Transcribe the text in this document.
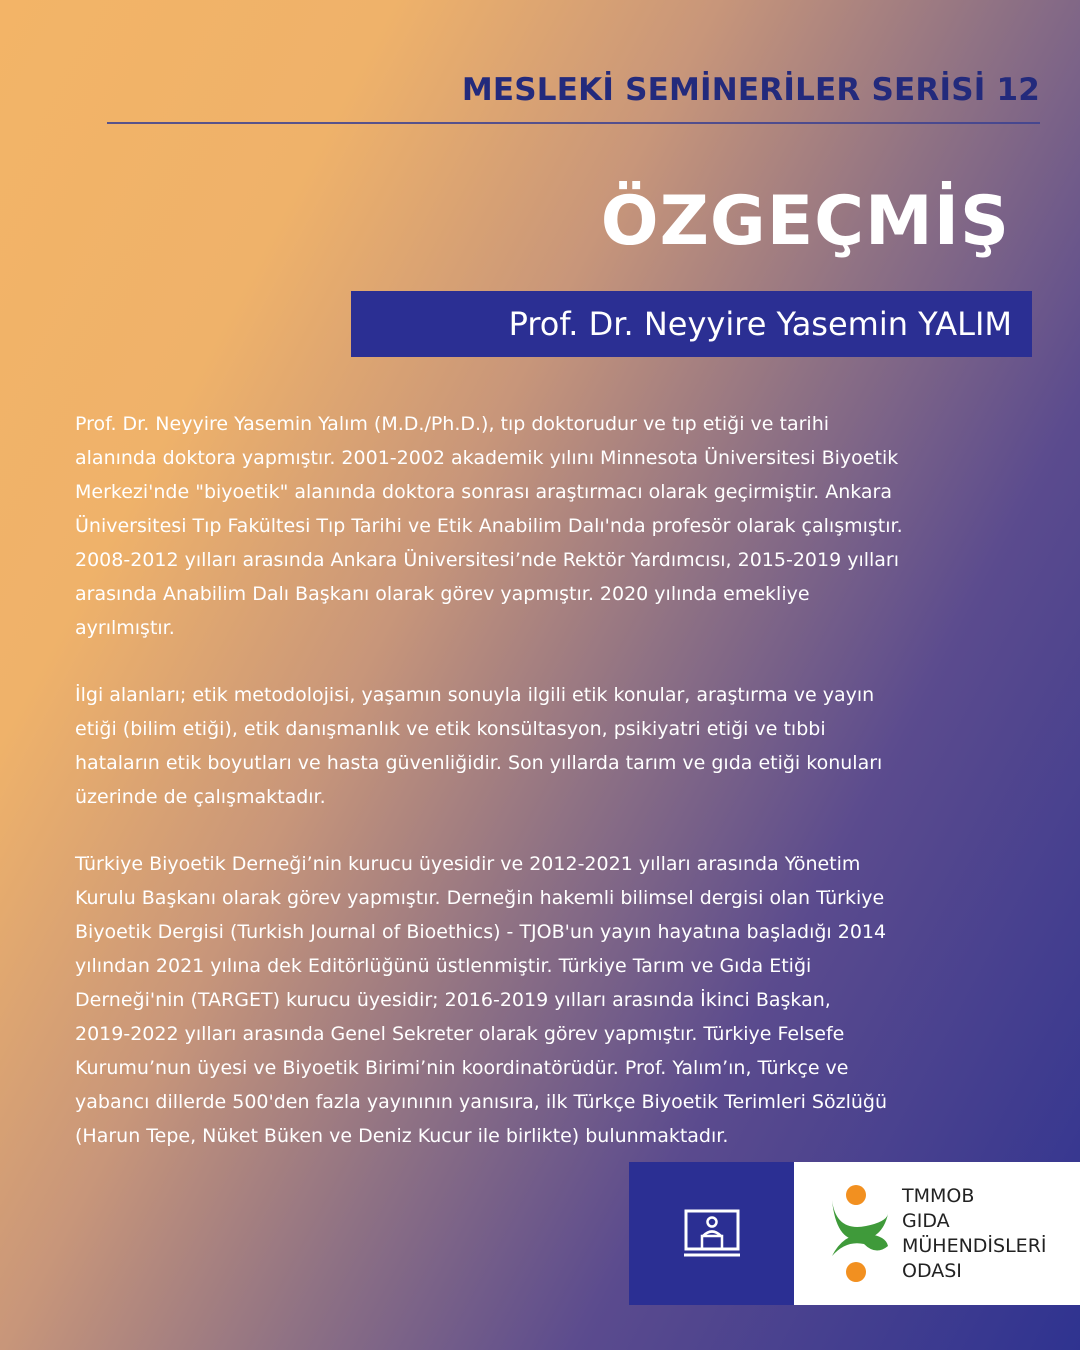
MESLEKİ SEMİNERİLER SERİSİ 12
ÖZGEÇMİŞ
Prof. Dr. Neyyire Yasemin YALIM

Prof. Dr. Neyyire Yasemin Yalım (M.D./Ph.D.), tıp doktorudur ve tıp etiği ve tarihi
alanında doktora yapmıştır. 2001-2002 akademik yılını Minnesota Üniversitesi Biyoetik
Merkezi'nde "biyoetik" alanında doktora sonrası araştırmacı olarak geçirmiştir. Ankara
Üniversitesi Tıp Fakültesi Tıp Tarihi ve Etik Anabilim Dalı'nda profesör olarak çalışmıştır.
2008-2012 yılları arasında Ankara Üniversitesi’nde Rektör Yardımcısı, 2015-2019 yılları
arasında Anabilim Dalı Başkanı olarak görev yapmıştır. 2020 yılında emekliye
ayrılmıştır.

İlgi alanları; etik metodolojisi, yaşamın sonuyla ilgili etik konular, araştırma ve yayın
etiği (bilim etiği), etik danışmanlık ve etik konsültasyon, psikiyatri etiği ve tıbbi
hataların etik boyutları ve hasta güvenliğidir. Son yıllarda tarım ve gıda etiği konuları
üzerinde de çalışmaktadır.

Türkiye Biyoetik Derneği’nin kurucu üyesidir ve 2012-2021 yılları arasında Yönetim
Kurulu Başkanı olarak görev yapmıştır. Derneğin hakemli bilimsel dergisi olan Türkiye
Biyoetik Dergisi (Turkish Journal of Bioethics) - TJOB'un yayın hayatına başladığı 2014
yılından 2021 yılına dek Editörlüğünü üstlenmiştir. Türkiye Tarım ve Gıda Etiği
Derneği'nin (TARGET) kurucu üyesidir; 2016-2019 yılları arasında İkinci Başkan,
2019-2022 yılları arasında Genel Sekreter olarak görev yapmıştır. Türkiye Felsefe
Kurumu’nun üyesi ve Biyoetik Birimi’nin koordinatörüdür. Prof. Yalım’ın, Türkçe ve
yabancı dillerde 500'den fazla yayınının yanısıra, ilk Türkçe Biyoetik Terimleri Sözlüğü
(Harun Tepe, Nüket Büken ve Deniz Kucur ile birlikte) bulunmaktadır.

TMMOB
GIDA
MÜHENDİSLERİ
ODASI
